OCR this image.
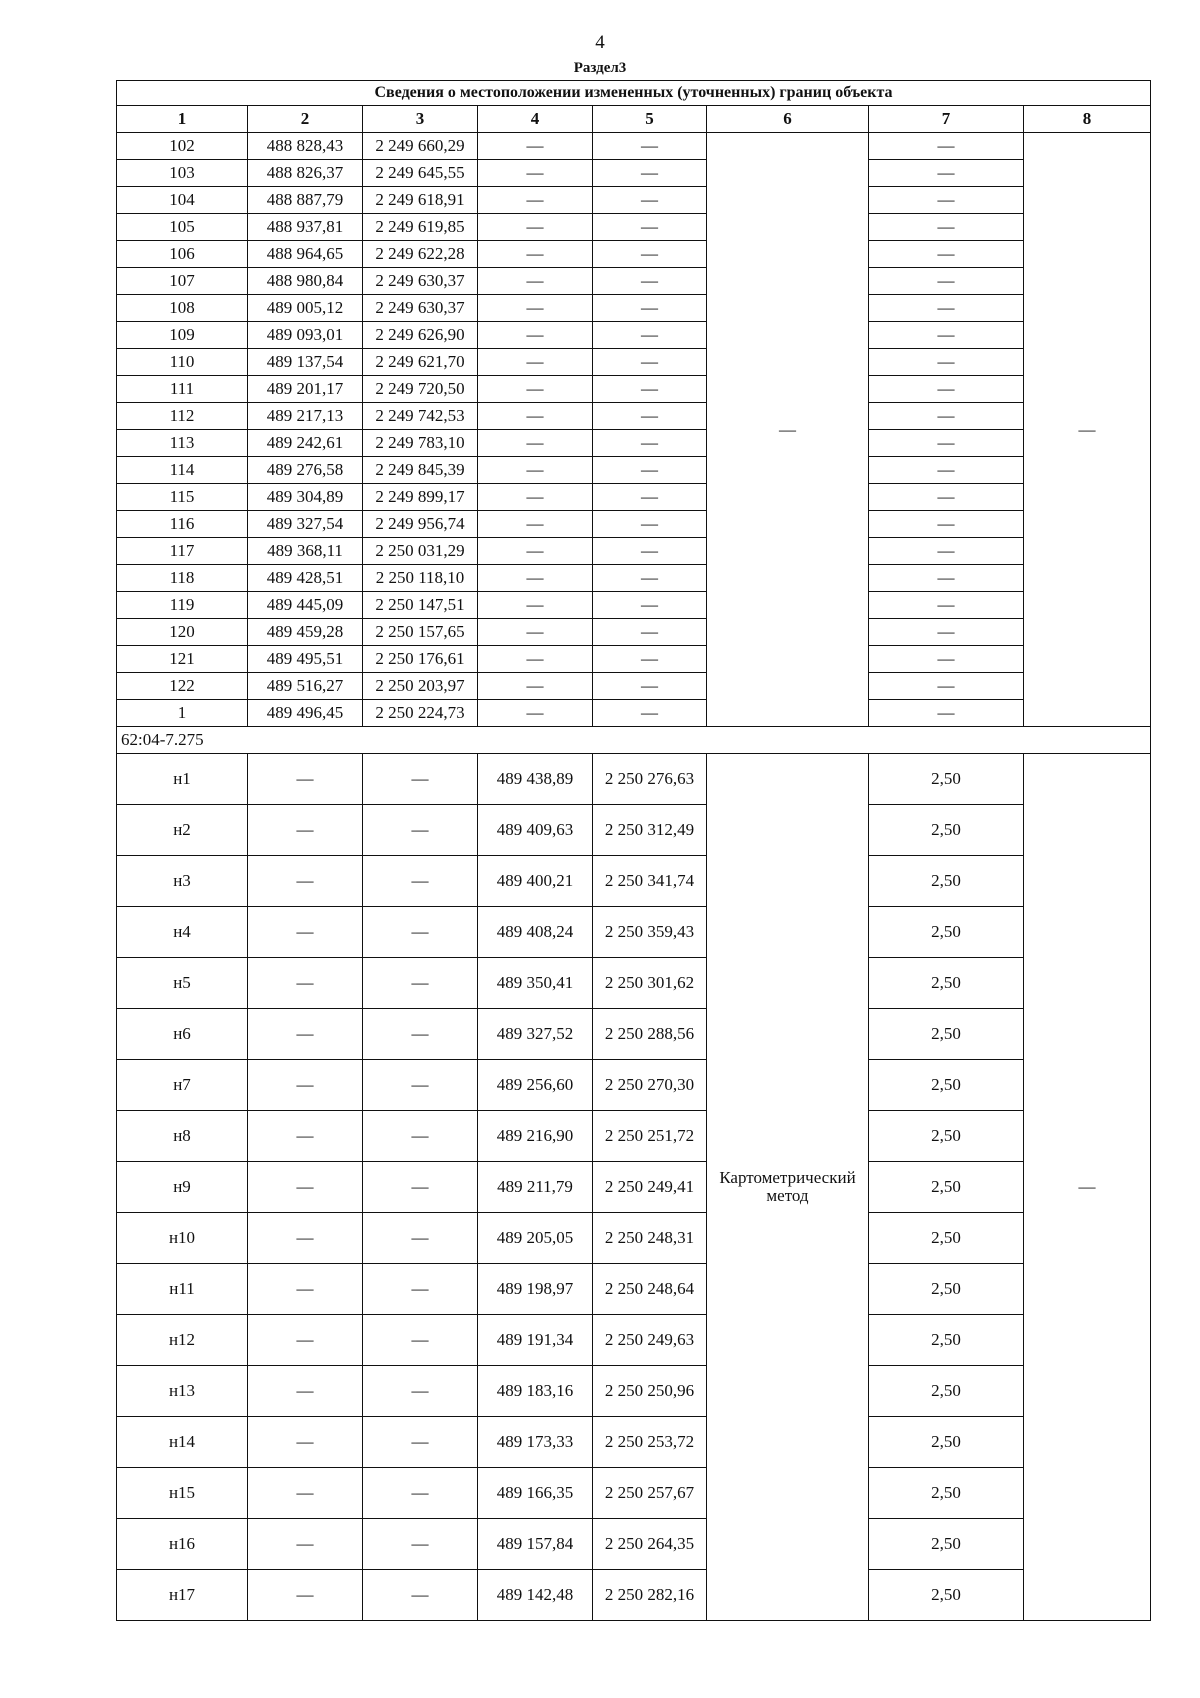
4
Раздел3
Сведения о местоположении измененных (уточненных) границ объекта							
1	2	3	4	5	6	7	8
102	488 828,43	2 249 660,29	—	—	—	—	—
103	488 826,37	2 249 645,55	—	—		—	
104	488 887,79	2 249 618,91	—	—		—	
105	488 937,81	2 249 619,85	—	—		—	
106	488 964,65	2 249 622,28	—	—		—	
107	488 980,84	2 249 630,37	—	—		—	
108	489 005,12	2 249 630,37	—	—		—	
109	489 093,01	2 249 626,90	—	—		—	
110	489 137,54	2 249 621,70	—	—		—	
111	489 201,17	2 249 720,50	—	—		—	
112	489 217,13	2 249 742,53	—	—		—	
113	489 242,61	2 249 783,10	—	—		—	
114	489 276,58	2 249 845,39	—	—		—	
115	489 304,89	2 249 899,17	—	—		—	
116	489 327,54	2 249 956,74	—	—		—	
117	489 368,11	2 250 031,29	—	—		—	
118	489 428,51	2 250 118,10	—	—		—	
119	489 445,09	2 250 147,51	—	—		—	
120	489 459,28	2 250 157,65	—	—		—	
121	489 495,51	2 250 176,61	—	—		—	
122	489 516,27	2 250 203,97	—	—		—	
1	489 496,45	2 250 224,73	—	—		—	
62:04-7.275							
н1	—	—	489 438,89	2 250 276,63	Картометрический метод	2,50	—
н2	—	—	489 409,63	2 250 312,49		2,50	
н3	—	—	489 400,21	2 250 341,74		2,50	
н4	—	—	489 408,24	2 250 359,43		2,50	
н5	—	—	489 350,41	2 250 301,62		2,50	
н6	—	—	489 327,52	2 250 288,56		2,50	
н7	—	—	489 256,60	2 250 270,30		2,50	
н8	—	—	489 216,90	2 250 251,72		2,50	
н9	—	—	489 211,79	2 250 249,41		2,50	
н10	—	—	489 205,05	2 250 248,31		2,50	
н11	—	—	489 198,97	2 250 248,64		2,50	
н12	—	—	489 191,34	2 250 249,63		2,50	
н13	—	—	489 183,16	2 250 250,96		2,50	
н14	—	—	489 173,33	2 250 253,72		2,50	
н15	—	—	489 166,35	2 250 257,67		2,50	
н16	—	—	489 157,84	2 250 264,35		2,50	
н17	—	—	489 142,48	2 250 282,16		2,50	
